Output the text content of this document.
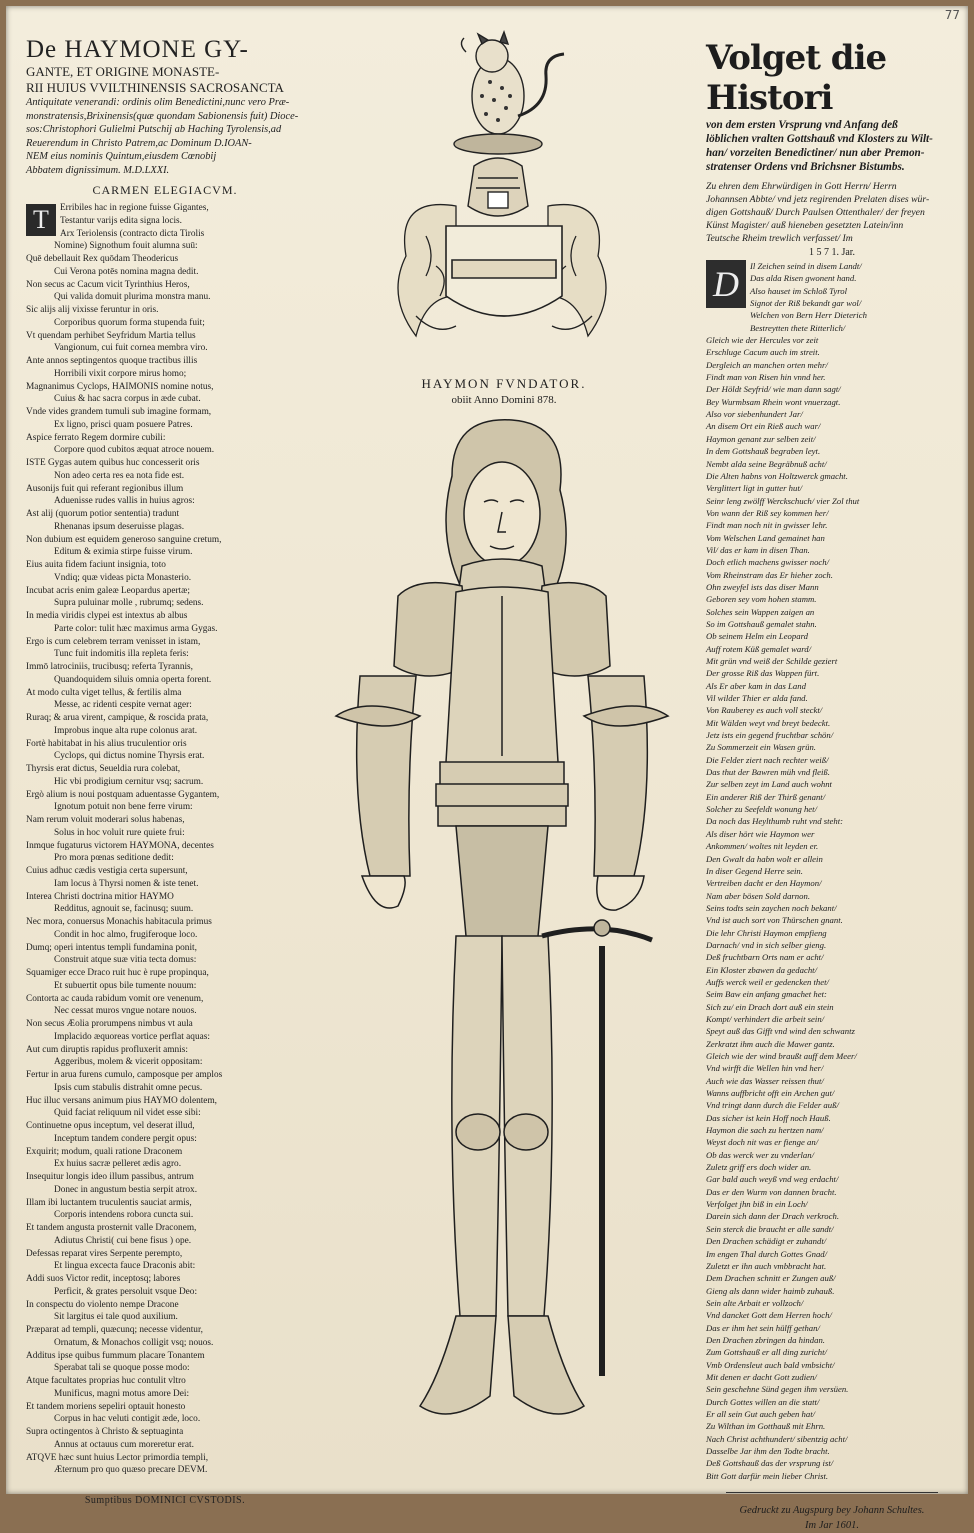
77
De HAYMONE GY-
GANTE, ET ORIGINE MONASTE-
RII HUIUS VVILTHINENSIS SACROSANCTA
Antiquitate venerandi: ordinis olim Benedictini,nunc vero Præ-
monstratensis,Brixinensis(quæ quondam Sabionensis fuit) Dioce-
sos:Christophori Gulielmi Putschij ab Haching Tyrolensis,ad
Reuerendum in Christo Patrem,ac Dominum D.IOAN-
NEM eius nominis Quintum,eiusdem Cœnobij
Abbatem dignissimum. M.D.LXXI.
CARMEN ELEGIACVM.
T	Erribiles hac in regione fuisse Gigantes,
Testantur varijs edita signa locis.
Arx Teriolensis (contracto dicta Tirolis
Nomine) Signothum fouit alumna suū:
Quē debellauit Rex quōdam Theodericus
Cui Verona potēs nomina magna dedit.
Non secus ac Cacum vicit Tyrinthius Heros,
Qui valida domuit plurima monstra manu.
Sic alijs alij vixisse feruntur in oris.
Corporibus quorum forma stupenda fuit;
Vt quendam perhibet Seyfridum Martia tellus
Vangionum, cui fuit cornea membra viro.
Ante annos septingentos quoque tractibus illis
Horribili vixit corpore mirus homo;
Magnanimus Cyclops, HAIMONIS nomine notus,
Cuius & hac sacra corpus in æde cubat.
Vnde vides grandem tumuli sub imagine formam,
Ex ligno, prisci quam posuere Patres.
Aspice ferrato Regem dormire cubili:
Corpore quod cubitos æquat atroce nouem.
ISTE Gygas autem quibus huc concesserit oris
Non adeo certa res ea nota fide est.
Ausonijs fuit qui referant regionibus illum
Aduenisse rudes vallis in huius agros:
Ast alij (quorum potior sententia) tradunt
Rhenanas ipsum deseruisse plagas.
Non dubium est equidem generoso sanguine cretum,
Editum & eximia stirpe fuisse virum.
Eius auita fidem faciunt insignia, toto
Vndiq; quæ videas picta Monasterio.
Incubat acris enim galeæ Leopardus apertæ;
Supra puluinar molle , rubrumq; sedens.
In media viridis clypei est intextus ab albus
Parte color: tulit hæc maximus arma Gygas.
Ergo is cum celebrem terram venisset in istam,
Tunc fuit indomitis illa repleta feris:
Immō latrociniis, trucibusq; referta Tyrannis,
Quandoquidem siluis omnia operta forent.
At modo culta viget tellus, & fertilis alma
Messe, ac ridenti cespite vernat ager:
Ruraq; & arua virent, campique, & roscida prata,
Improbus inque alta rupe colonus arat.
Fortè habitabat in his alius truculentior oris
Cyclops, qui dictus nomine Thyrsis erat.
Thyrsis erat dictus, Seueldia rura colebat,
Hic vbi prodigium cernitur vsq; sacrum.
Ergò alium is noui postquam aduentasse Gygantem,
Ignotum potuit non bene ferre virum:
Nam rerum voluit moderari solus habenas,
Solus in hoc voluit rure quiete frui:
Inmque fugaturus victorem HAYMONA, decentes
Pro mora pœnas seditione dedit:
Cuius adhuc cædis vestigia certa supersunt,
Iam locus à Thyrsi nomen & iste tenet.
Interea Christi doctrina mitior HAYMO
Redditus, agnouit se, facinusq; suum.
Nec mora, conuersus Monachis habitacula primus
Condit in hoc almo, frugiferoque loco.
Dumq; operi intentus templi fundamina ponit,
Construit atque suæ vitia tecta domus:
Squamiger ecce Draco ruit huc è rupe propinqua,
Et subuertit opus bile tumente nouum:
Contorta ac cauda rabidum vomit ore venenum,
Nec cessat muros vngue notare nouos.
Non secus Æolia prorumpens nimbus vt aula
Implacido æquoreas vortice perflat aquas:
Aut cum diruptis rapidus profluxerit amnis:
Aggeribus, molem & vicerit oppositam:
Fertur in arua furens cumulo, camposque per amplos
Ipsis cum stabulis distrahit omne pecus.
Huc illuc versans animum pius HAYMO dolentem,
Quid faciat reliquum nil videt esse sibi:
Continuetne opus inceptum, vel deserat illud,
Inceptum tandem condere pergit opus:
Exquirit; modum, quali ratione Draconem
Ex huius sacræ pelleret ædis agro.
Insequitur longis ideo illum passibus, antrum
Donec in angustum bestia serpit atrox.
Illam ibi luctantem truculentis sauciat armis,
Corporis intendens robora cuncta sui.
Et tandem angusta prosternit valle Draconem,
Adiutus Christi( cui bene fisus ) ope.
Defessas reparat vires Serpente perempto,
Et lingua excecta fauce Draconis abit:
Addi suos Victor redit, inceptosq; labores
Perficit, & grates persoluit vsque Deo:
In conspectu do violento nempe Dracone
Sit largitus ei tale quod auxilium.
Præparat ad templi, quæcunq; necesse videntur,
Ornatum, & Monachos colligit vsq; nouos.
Additus ipse quibus fummum placare Tonantem
Sperabat tali se quoque posse modo:
Atque facultates proprias huc contulit vltro
Munificus, magni motus amore Dei:
Et tandem moriens sepeliri optauit honesto
Corpus in hac veluti contigit æde, loco.
Supra octingentos à Christo & septuaginta
Annus at octauus cum moreretur erat.
ATQVE hæc sunt huius Lector primordia templi,
Æternum pro quo quæso precare DEVM.
Sumptibus DOMINICI CVSTODIS.
HAYMON FVNDATOR.
obiit Anno Domini 878.
Volget die Histori
von dem ersten Vrsprung vnd Anfang deß
löblichen vralten Gottshauß vnd Klosters zu Wilt-
han/ vorzeiten Benedictiner/ nun aber Premon-
stratenser Ordens vnd Brichsner Bistumbs.
Zu ehren dem Ehrwürdigen in Gott Herrn/ Herrn
Johannsen Abbte/ vnd jetz regirenden Prelaten dises wür-
digen Gottshauß/ Durch Paulsen Ottenthaler/ der freyen
Künst Magister/ auß hieneben gesetzten Latein/inn
Teutsche Rheim trewlich verfasset/ Im
1 5 7 1. Jar.
D	Il Zeichen seind in disem Landt/
Das alda Risen gwonent hand.
Also hauset im Schloß Tyrol
Signot der Riß bekandt gar wol/
Welchen von Bern Herr Dieterich
Bestreytten thete Ritterlich/
Gleich wie der Hercules vor zeit
Erschluge Cacum auch im streit.
Dergleich an manchen orten mehr/
Findt man von Risen hin vnnd her.
Der Höldt Seyfrid/ wie man dann sagt/
Bey Wurmbsam Rhein wont vnuerzagt.
Also vor siebenhundert Jar/
An disem Ort ein Rieß auch war/
Haymon genant zur selben zeit/
In dem Gottshauß begraben leyt.
Nembt alda seine Begräbnuß acht/
Die Alten habns von Holtzwerck gmacht.
Verglittert ligt in gutter hut/
Seinr leng zwölff Werckschuch/ vier Zol thut
Von wann der Riß sey kommen her/
Findt man noch nit in gwisser lehr.
Vom Welschen Land gemainet han
Vil/ das er kam in disen Than.
Doch etlich machens gwisser noch/
Vom Rheinstram das Er hieher zoch.
Ohn zweyfel ists das diser Mann
Geboren sey vom hohen stamm.
Solches sein Wappen zaigen an
So im Gottshauß gemalet stahn.
Ob seinem Helm ein Leopard
Auff rotem Küß gemalet ward/
Mit grün vnd weiß der Schilde geziert
Der grosse Riß das Wappen fürt.
Als Er aber kam in das Land
Vil wilder Thier er alda fand.
Von Rauberey es auch voll steckt/
Mit Wälden weyt vnd breyt bedeckt.
Jetz ists ein gegend fruchtbar schön/
Zu Sommerzeit ein Wasen grün.
Die Felder ziert nach rechter weiß/
Das thut der Bawren müh vnd fleiß.
Zur selben zeyt im Land auch wohnt
Ein anderer Riß der Thirß genant/
Solcher zu Seefeldt wonung het/
Da noch das Heylthumb ruht vnd steht:
Als diser hört wie Haymon wer
Ankommen/ woltes nit leyden er.
Den Gwalt da habn wolt er allein
In diser Gegend Herre sein.
Vertreiben dacht er den Haymon/
Nam aber bösen Sold darnon.
Seins todts sein zaychen noch bekant/
Vnd ist auch sort von Thürschen gnant.
Die lehr Christi Haymon empfieng
Darnach/ vnd in sich selber gieng.
Deß fruchtbarn Orts nam er acht/
Ein Kloster zbawen da gedacht/
Auffs werck weil er gedencken thet/
Seim Baw ein anfang gmachet het:
Sich zu/ ein Drach dort auß ein stein
Kompt/ verhindert die arbeit sein/
Speyt auß das Gifft vnd wind den schwantz
Zerkratzt ihm auch die Mawer gantz.
Gleich wie der wind braußt auff dem Meer/
Vnd wirfft die Wellen hin vnd her/
Auch wie das Wasser reissen thut/
Wanns auffbricht offt ein Archen gut/
Vnd tringt dann durch die Felder auß/
Das sicher ist kein Hoff noch Hauß.
Haymon die sach zu hertzen nam/
Weyst doch nit was er fienge an/
Ob das werck wer zu vnderlan/
Zuletz griff ers doch wider an.
Gar bald auch weyß vnd weg erdacht/
Das er den Wurm von dannen bracht.
Verfolget jhn biß in ein Loch/
Darein sich dann der Drach verkroch.
Sein sterck die braucht er alle sandt/
Den Drachen schädigt er zuhandt/
Im engen Thal durch Gottes Gnad/
Zuletzt er ihn auch vmbbracht hat.
Dem Drachen schnitt er Zungen auß/
Gieng als dann wider haimb zuhauß.
Sein alte Arbait er vollzoch/
Vnd dancket Gott dem Herren hoch/
Das er ihm het sein hülff gethan/
Den Drachen zbringen da hindan.
Zum Gottshauß er all ding zuricht/
Vmb Ordensleut auch bald vmbsicht/
Mit denen er dacht Gott zudien/
Sein geschehne Sünd gegen ihm versüen.
Durch Gottes willen an die statt/
Er all sein Gut auch geben hat/
Zu Wilthan im Gotthauß mit Ehrn.
Nach Christ achthundert/ sibentzig acht/
Dasselbe Jar ihm den Todte bracht.
Deß Gottshauß das der vrsprung ist/
Bitt Gott darfür mein lieber Christ.
Gedruckt zu Augspurg bey Johann Schultes.
Im Jar 1601.
